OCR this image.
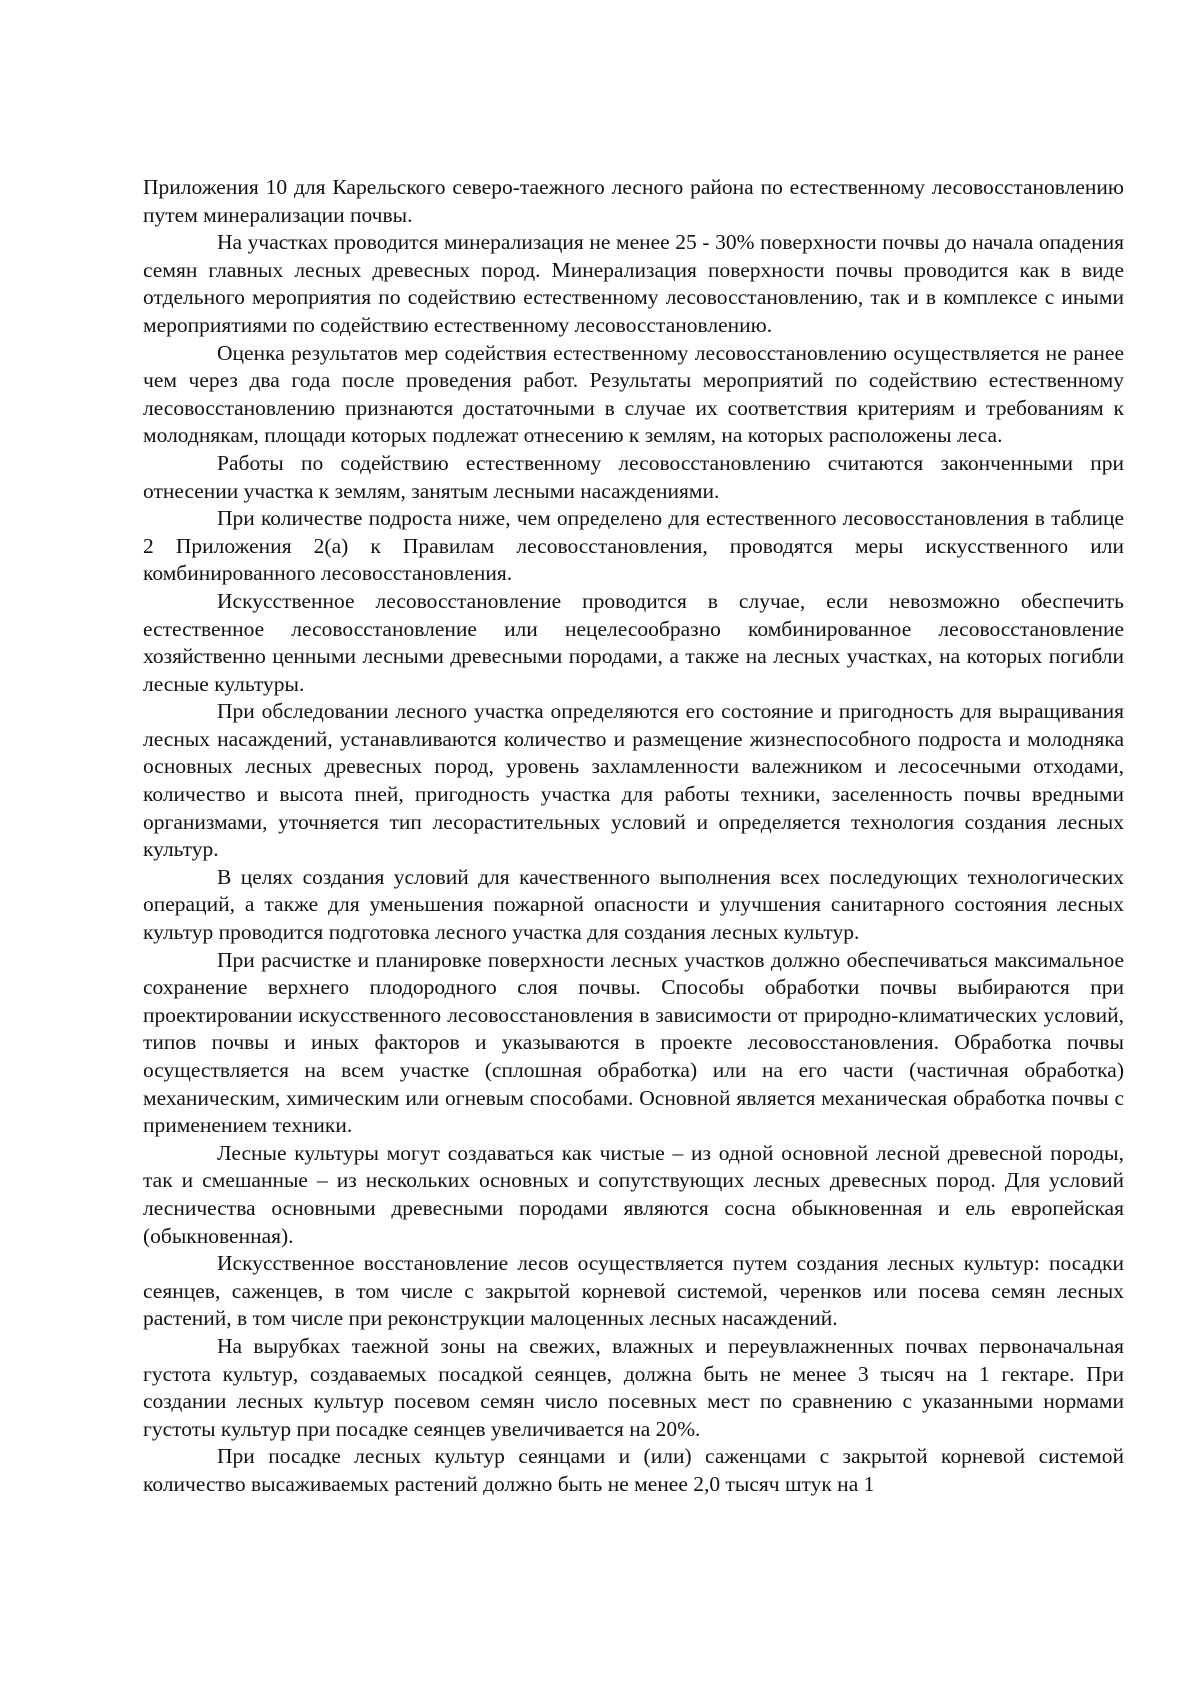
Приложения 10 для Карельского северо-таежного лесного района по естественному лесовосстановлению путем минерализации почвы.

На участках проводится минерализация не менее 25 - 30% поверхности почвы до начала опадения семян главных лесных древесных пород. Минерализация поверхности почвы проводится как в виде отдельного мероприятия по содействию естественному лесовосстановлению, так и в комплексе с иными мероприятиями по содействию естественному лесовосстановлению.

Оценка результатов мер содействия естественному лесовосстановлению осуществляется не ранее чем через два года после проведения работ. Результаты мероприятий по содействию естественному лесовосстановлению признаются достаточными в случае их соответствия критериям и требованиям к молоднякам, площади которых подлежат отнесению к землям, на которых расположены леса.

Работы по содействию естественному лесовосстановлению считаются законченными при отнесении участка к землям, занятым лесными насаждениями.

При количестве подроста ниже, чем определено для естественного лесовосстановления в таблице 2 Приложения 2(а) к Правилам лесовосстановления, проводятся меры искусственного или комбинированного лесовосстановления.

Искусственное лесовосстановление проводится в случае, если невозможно обеспечить естественное лесовосстановление или нецелесообразно комбинированное лесовосстановление хозяйственно ценными лесными древесными породами, а также на лесных участках, на которых погибли лесные культуры.

При обследовании лесного участка определяются его состояние и пригодность для выращивания лесных насаждений, устанавливаются количество и размещение жизнеспособного подроста и молодняка основных лесных древесных пород, уровень захламленности валежником и лесосечными отходами, количество и высота пней, пригодность участка для работы техники, заселенность почвы вредными организмами, уточняется тип лесорастительных условий и определяется технология создания лесных культур.

В целях создания условий для качественного выполнения всех последующих технологических операций, а также для уменьшения пожарной опасности и улучшения санитарного состояния лесных культур проводится подготовка лесного участка для создания лесных культур.

При расчистке и планировке поверхности лесных участков должно обеспечиваться максимальное сохранение верхнего плодородного слоя почвы. Способы обработки почвы выбираются при проектировании искусственного лесовосстановления в зависимости от природно-климатических условий, типов почвы и иных факторов и указываются в проекте лесовосстановления. Обработка почвы осуществляется на всем участке (сплошная обработка) или на его части (частичная обработка) механическим, химическим или огневым способами. Основной является механическая обработка почвы с применением техники.

Лесные культуры могут создаваться как чистые – из одной основной лесной древесной породы, так и смешанные – из нескольких основных и сопутствующих лесных древесных пород. Для условий лесничества основными древесными породами являются сосна обыкновенная и ель европейская (обыкновенная).

Искусственное восстановление лесов осуществляется путем создания лесных культур: посадки сеянцев, саженцев, в том числе с закрытой корневой системой, черенков или посева семян лесных растений, в том числе при реконструкции малоценных лесных насаждений.

На вырубках таежной зоны на свежих, влажных и переувлажненных почвах первоначальная густота культур, создаваемых посадкой сеянцев, должна быть не менее 3 тысяч на 1 гектаре. При создании лесных культур посевом семян число посевных мест по сравнению с указанными нормами густоты культур при посадке сеянцев увеличивается на 20%.

При посадке лесных культур сеянцами и (или) саженцами с закрытой корневой системой количество высаживаемых растений должно быть не менее 2,0 тысяч штук на 1
